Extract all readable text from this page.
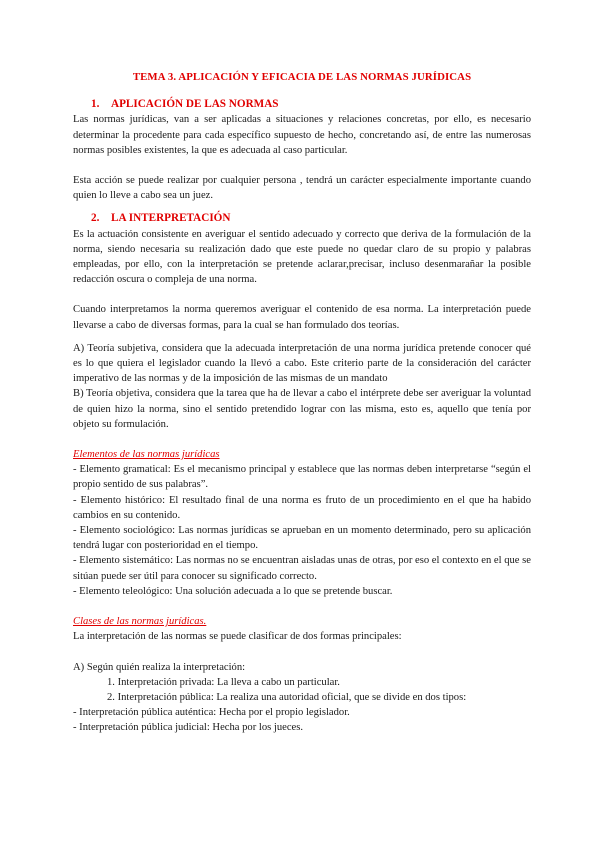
TEMA 3. APLICACIÓN Y EFICACIA DE LAS NORMAS JURÍDICAS

1.	APLICACIÓN DE LAS NORMAS

Las normas jurídicas, van a ser aplicadas a situaciones y relaciones concretas, por ello, es necesario determinar la procedente para cada específico supuesto de hecho, concretando así, de entre las numerosas normas posibles existentes, la que es adecuada al caso particular.

Esta acción se puede realizar por cualquier persona , tendrá un carácter especialmente importante cuando quien lo lleve a cabo sea un juez.

2.	LA INTERPRETACIÓN

Es la actuación consistente en averiguar el sentido adecuado y correcto que deriva de la formulación de la norma, siendo necesaria su realización dado que este puede no quedar claro de su propio y palabras empleadas, por ello, con la interpretación se pretende aclarar,precisar, incluso desenmarañar la posible redacción oscura o compleja de una norma.

Cuando interpretamos la norma queremos averiguar el contenido de esa norma. La interpretación puede llevarse a cabo de diversas formas, para la cual se han formulado dos teorías.

A) Teoría subjetiva, considera que la adecuada interpretación de una norma jurídica pretende conocer qué es lo que quiera el legislador cuando la llevó a cabo. Este criterio parte de la consideración del carácter imperativo de las normas y de la imposición de las mismas de un mandato

B) Teoría objetiva, considera que la tarea que ha de llevar a cabo el intérprete debe ser averiguar la voluntad de quien hizo la norma, sino el sentido pretendido lograr con las misma, esto es, aquello que tenía por objeto su formulación.

Elementos de las normas jurídicas

- Elemento gramatical: Es el mecanismo principal y establece que las normas deben interpretarse “según el propio sentido de sus palabras”.

- Elemento histórico: El resultado final de una norma es fruto de un procedimiento en el que ha habido cambios en su contenido.

- Elemento sociológico: Las normas jurídicas se aprueban en un momento determinado, pero su aplicación tendrá lugar con posterioridad en el tiempo.

- Elemento sistemático: Las normas no se encuentran aisladas unas de otras, por eso el contexto en el que se sitúan puede ser útil para conocer su significado correcto.

- Elemento teleológico: Una solución adecuada a lo que se pretende buscar.

Clases de las normas jurídicas.

La interpretación de las normas se puede clasificar de dos formas principales:

A) Según quién realiza la interpretación:

1. Interpretación privada: La lleva a cabo un particular.

2. Interpretación pública: La realiza una autoridad oficial, que se divide en dos tipos:

- Interpretación pública auténtica: Hecha por el propio legislador.

- Interpretación pública judicial: Hecha por los jueces.
